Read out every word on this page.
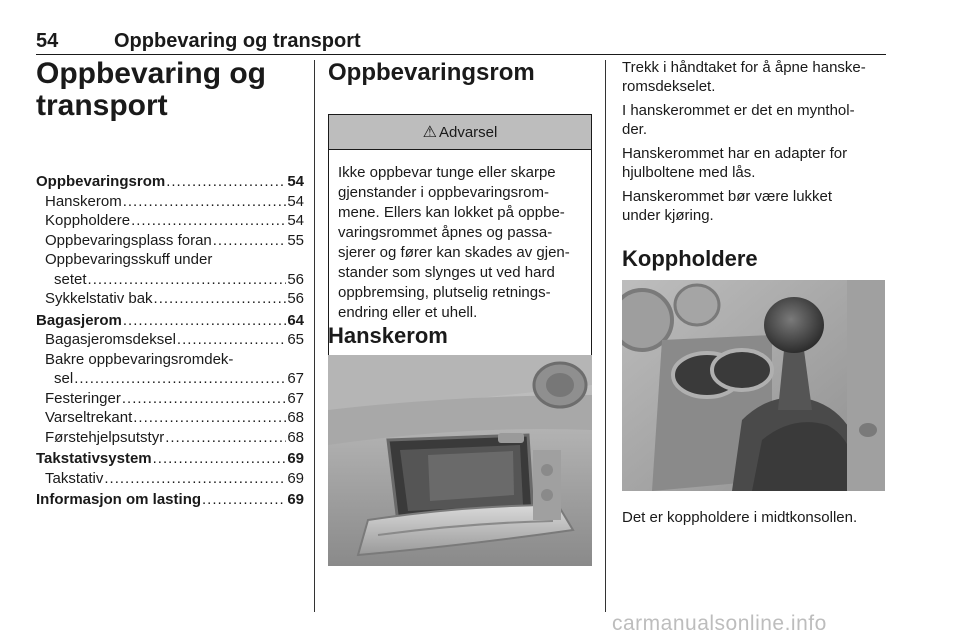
54	Oppbevaring og transport
Oppbevaring og
transport
Oppbevaringsrom .....	54
Hanskerom .....	54
Koppholdere .....	54
Oppbevaringsplass foran .....	55
Oppbevaringsskuff under
setet .....	56
Sykkelstativ bak .....	56
Bagasjerom .....	64
Bagasjeromsdeksel .....	65
Bakre oppbevaringsromdek-
sel .....	67
Festeringer .....	67
Varseltrekant .....	68
Førstehjelpsutstyr .....	68
Takstativsystem .....	69
Takstativ .....	69
Informasjon om lasting .....	69
Oppbevaringsrom
⚠ Advarsel
Ikke oppbevar tunge eller skarpe
gjenstander i oppbevaringsrom-
mene. Ellers kan lokket på oppbe-
varingsrommet åpnes og passa-
sjerer og fører kan skades av gjen-
stander som slynges ut ved hard
oppbremsing, plutselig retnings-
endring eller et uhell.
Hanskerom
Trekk i håndtaket for å åpne hanske-
romsdekselet.
I hanskerommet er det en mynthol-
der.
Hanskerommet har en adapter for
hjulboltene med lås.
Hanskerommet bør være lukket
under kjøring.
Koppholdere
Det er koppholdere i midtkonsollen.
carmanualsonline.info
